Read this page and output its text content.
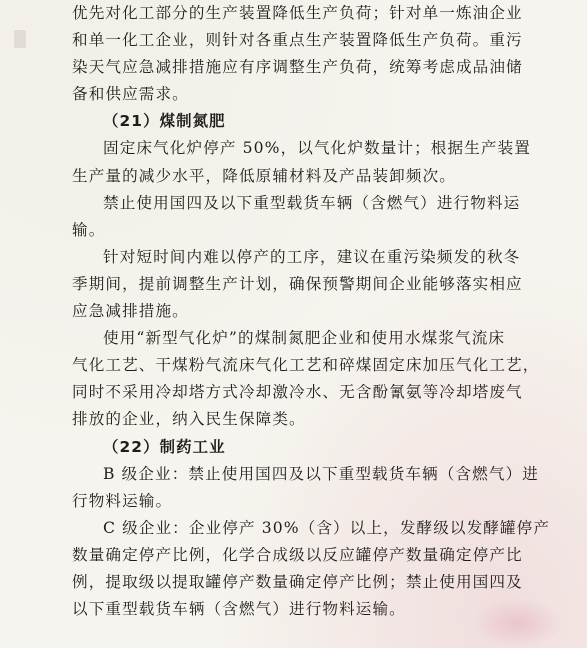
优先对化工部分的生产装置降低生产负荷；针对单一炼油企业
和单一化工企业，则针对各重点生产装置降低生产负荷。重污
染天气应急减排措施应有序调整生产负荷，统筹考虑成品油储
备和供应需求。
（21）煤制氮肥
固定床气化炉停产 50%，以气化炉数量计；根据生产装置
生产量的减少水平，降低原辅材料及产品装卸频次。
禁止使用国四及以下重型载货车辆（含燃气）进行物料运
输。
针对短时间内难以停产的工序，建议在重污染频发的秋冬
季期间，提前调整生产计划，确保预警期间企业能够落实相应
应急减排措施。
使用“新型气化炉”的煤制氮肥企业和使用水煤浆气流床
气化工艺、干煤粉气流床气化工艺和碎煤固定床加压气化工艺，
同时不采用冷却塔方式冷却激冷水、无含酚氰氨等冷却塔废气
排放的企业，纳入民生保障类。
（22）制药工业
B 级企业：禁止使用国四及以下重型载货车辆（含燃气）进
行物料运输。
C 级企业：企业停产 30%（含）以上，发酵级以发酵罐停产
数量确定停产比例，化学合成级以反应罐停产数量确定停产比
例，提取级以提取罐停产数量确定停产比例；禁止使用国四及
以下重型载货车辆（含燃气）进行物料运输。
